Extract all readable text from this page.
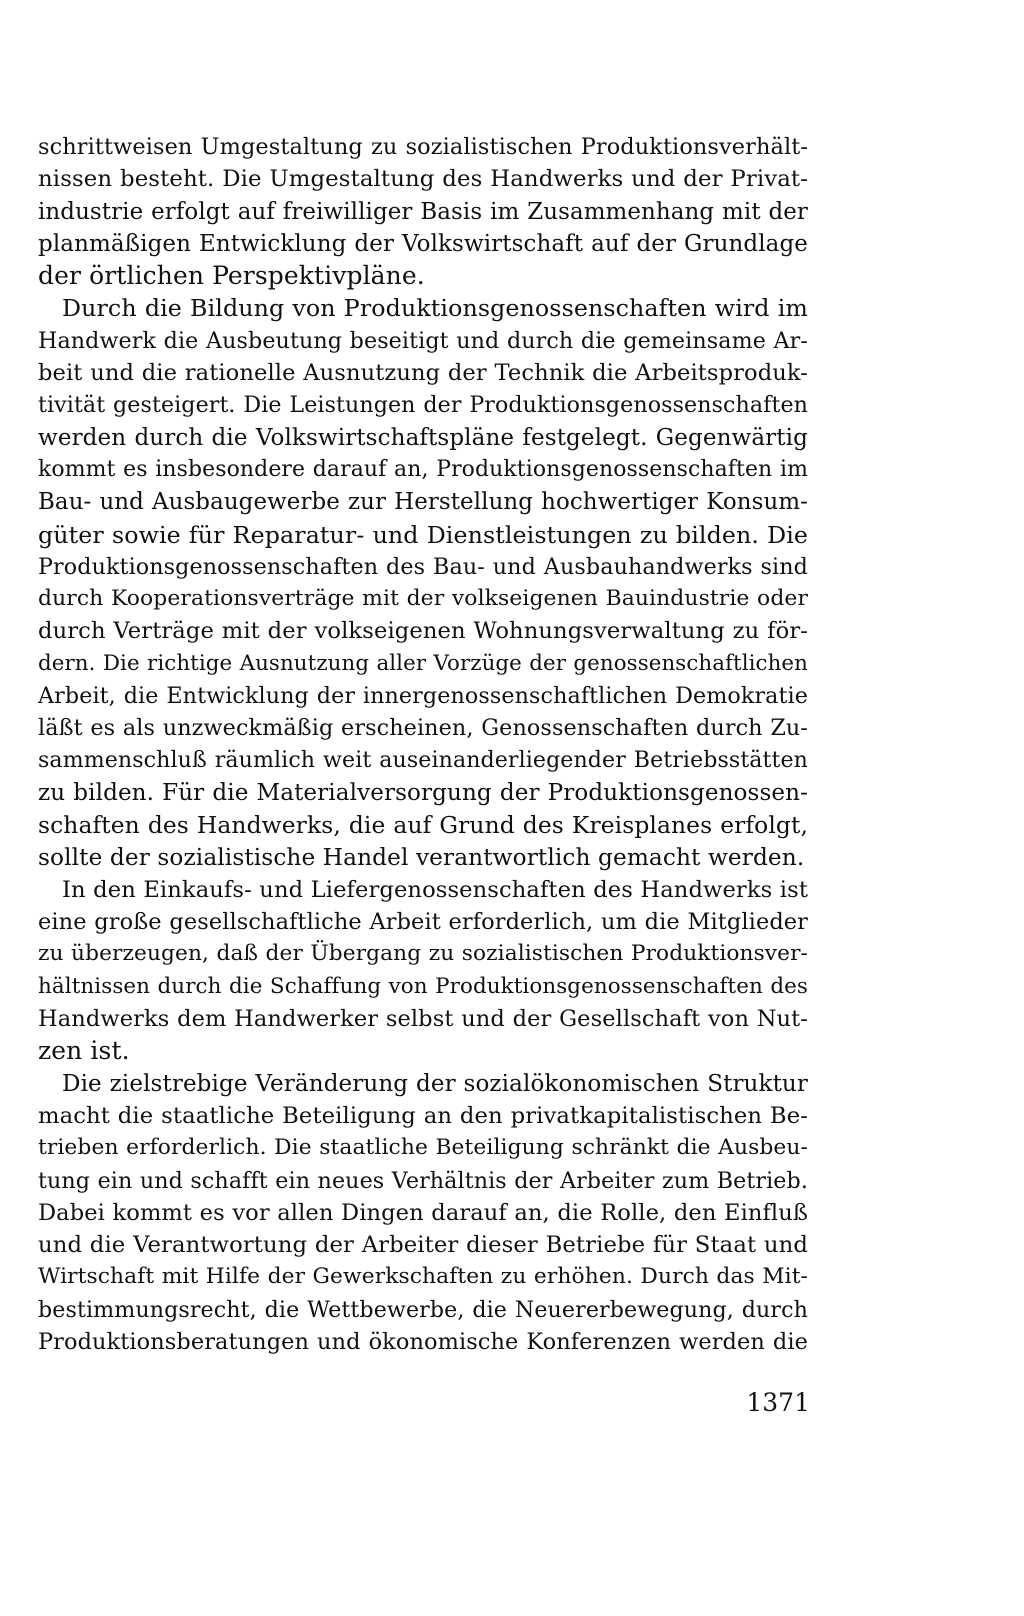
schrittweisen Umgestaltung zu sozialistischen Produktionsverhält-
nissen besteht. Die Umgestaltung des Handwerks und der Privat-
industrie erfolgt auf freiwilliger Basis im Zusammenhang mit der
planmäßigen Entwicklung der Volkswirtschaft auf der Grundlage
der örtlichen Perspektivpläne.
Durch die Bildung von Produktionsgenossenschaften wird im
Handwerk die Ausbeutung beseitigt und durch die gemeinsame Ar-
beit und die rationelle Ausnutzung der Technik die Arbeitsproduk-
tivität gesteigert. Die Leistungen der Produktionsgenossenschaften
werden durch die Volkswirtschaftspläne festgelegt. Gegenwärtig
kommt es insbesondere darauf an, Produktionsgenossenschaften im
Bau- und Ausbaugewerbe zur Herstellung hochwertiger Konsum-
güter sowie für Reparatur- und Dienstleistungen zu bilden. Die
Produktionsgenossenschaften des Bau- und Ausbauhandwerks sind
durch Kooperationsverträge mit der volkseigenen Bauindustrie oder
durch Verträge mit der volkseigenen Wohnungsverwaltung zu för-
dern. Die richtige Ausnutzung aller Vorzüge der genossenschaftlichen
Arbeit, die Entwicklung der innergenossenschaftlichen Demokratie
läßt es als unzweckmäßig erscheinen, Genossenschaften durch Zu-
sammenschluß räumlich weit auseinanderliegender Betriebsstätten
zu bilden. Für die Materialversorgung der Produktionsgenossen-
schaften des Handwerks, die auf Grund des Kreisplanes erfolgt,
sollte der sozialistische Handel verantwortlich gemacht werden.
In den Einkaufs- und Liefergenossenschaften des Handwerks ist
eine große gesellschaftliche Arbeit erforderlich, um die Mitglieder
zu überzeugen, daß der Übergang zu sozialistischen Produktionsver-
hältnissen durch die Schaffung von Produktionsgenossenschaften des
Handwerks dem Handwerker selbst und der Gesellschaft von Nut-
zen ist.
Die zielstrebige Veränderung der sozialökonomischen Struktur
macht die staatliche Beteiligung an den privatkapitalistischen Be-
trieben erforderlich. Die staatliche Beteiligung schränkt die Ausbeu-
tung ein und schafft ein neues Verhältnis der Arbeiter zum Betrieb.
Dabei kommt es vor allen Dingen darauf an, die Rolle, den Einfluß
und die Verantwortung der Arbeiter dieser Betriebe für Staat und
Wirtschaft mit Hilfe der Gewerkschaften zu erhöhen. Durch das Mit-
bestimmungsrecht, die Wettbewerbe, die Neuererbewegung, durch
Produktionsberatungen und ökonomische Konferenzen werden die
1371
